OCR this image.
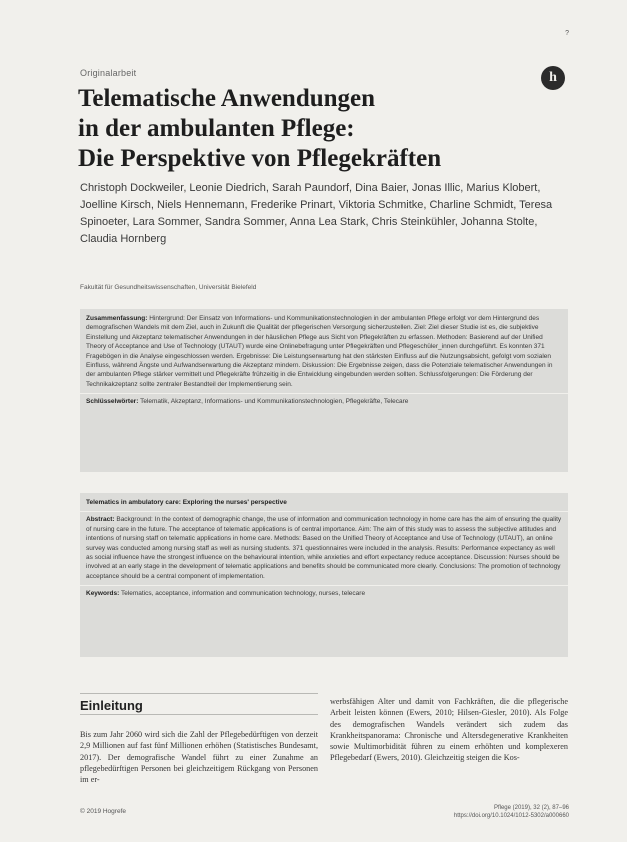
?
Originalarbeit	h
Telematische Anwendungen
in der ambulanten Pflege:
Die Perspektive von Pflegekräften
Christoph Dockweiler, Leonie Diedrich, Sarah Paundorf, Dina Baier, Jonas Illic, Marius Klobert, Joelline Kirsch, Niels Hennemann, Frederike Prinart, Viktoria Schmitke, Charline Schmidt, Teresa Spinoeter, Lara Sommer, Sandra Sommer, Anna Lea Stark, Chris Steinkühler, Johanna Stolte, Claudia Hornberg
Fakultät für Gesundheitswissenschaften, Universität Bielefeld
Zusammenfassung: Hintergrund: Der Einsatz von Informations- und Kommunikationstechnologien in der ambulanten Pflege erfolgt vor dem Hintergrund des demografischen Wandels mit dem Ziel, auch in Zukunft die Qualität der pflegerischen Versorgung sicherzustellen. Ziel: Ziel dieser Studie ist es, die subjektive Einstellung und Akzeptanz telematischer Anwendungen in der häuslichen Pflege aus Sicht von Pflegekräften zu erfassen. Methoden: Basierend auf der Unified Theory of Acceptance and Use of Technology (UTAUT) wurde eine Onlinebefragung unter Pflegekräften und Pflegeschüler_innen durchgeführt. Es konnten 371 Fragebögen in die Analyse eingeschlossen werden. Ergebnisse: Die Leistungserwartung hat den stärksten Einfluss auf die Nutzungsabsicht, gefolgt vom sozialen Einfluss, während Ängste und Aufwandserwartung die Akzeptanz mindern. Diskussion: Die Ergebnisse zeigen, dass die Potenziale telematischer Anwendungen in der ambulanten Pflege stärker vermittelt und Pflegekräfte frühzeitig in die Entwicklung eingebunden werden sollten. Schlussfolgerungen: Die Förderung der Technikakzeptanz sollte zentraler Bestandteil der Implementierung sein.
Schlüsselwörter: Telematik, Akzeptanz, Informations- und Kommunikationstechnologien, Pflegekräfte, Telecare
Telematics in ambulatory care: Exploring the nurses' perspective
Abstract: Background: In the context of demographic change, the use of information and communication technology in home care has the aim of ensuring the quality of nursing care in the future. The acceptance of telematic applications is of central importance. Aim: The aim of this study was to assess the subjective attitudes and intentions of nursing staff on telematic applications in home care. Methods: Based on the Unified Theory of Acceptance and Use of Technology (UTAUT), an online survey was conducted among nursing staff as well as nursing students. 371 questionnaires were included in the analysis. Results: Performance expectancy as well as social influence have the strongest influence on the behavioural intention, while anxieties and effort expectancy reduce acceptance. Discussion: Nurses should be involved at an early stage in the development of telematic applications and benefits should be communicated more clearly. Conclusions: The promotion of technology acceptance should be a central component of implementation.
Keywords: Telematics, acceptance, information and communication technology, nurses, telecare
Einleitung
Bis zum Jahr 2060 wird sich die Zahl der Pflegebedürftigen von derzeit 2,9 Millionen auf fast fünf Millionen erhöhen (Statistisches Bundesamt, 2017). Der demografische Wandel führt zu einer Zunahme an pflegebedürftigen Personen bei gleichzeitigem Rückgang von Personen im er-
werbsfähigen Alter und damit von Fachkräften, die die pflegerische Arbeit leisten können (Ewers, 2010; Hilsen-Giesler, 2010). Als Folge des demografischen Wandels verändert sich zudem das Krankheitspanorama: Chronische und Altersdegenerative Krankheiten sowie Multimorbidität führen zu einem erhöhten und komplexeren Pflegebedarf (Ewers, 2010). Gleichzeitig steigen die Kos-
© 2019 Hogrefe	Pflege (2019), 32 (2), 87–96
https://doi.org/10.1024/1012-5302/a000660
